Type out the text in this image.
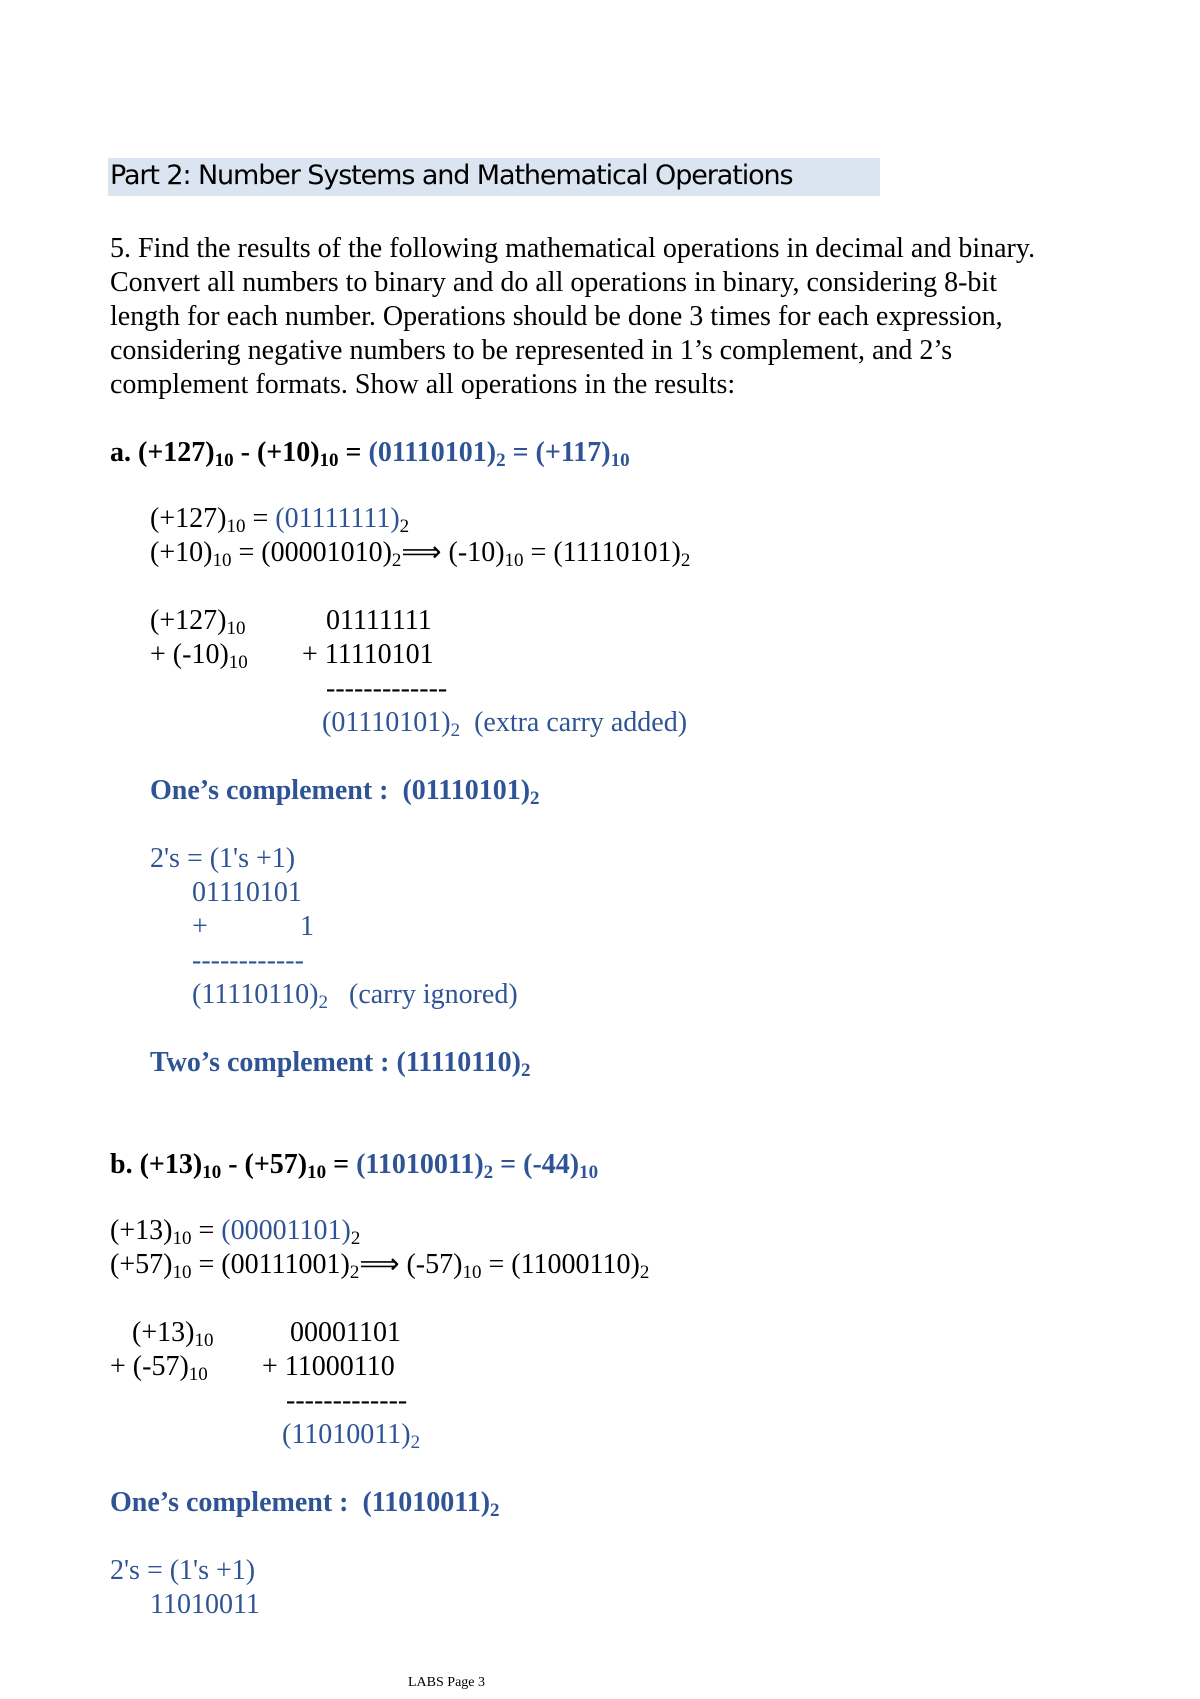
Part 2: Number Systems and Mathematical Operations
5. Find the results of the following mathematical operations in decimal and binary.
Convert all numbers to binary and do all operations in binary, considering 8-bit
length for each number. Operations should be done 3 times for each expression,
considering negative numbers to be represented in 1’s complement, and 2’s
complement formats. Show all operations in the results:
a. $(+127)_{10} - (+10)_{10} = (01110101)_2 = (+117)_{10}$
$(+127)_{10} = (01111111)_2$
$(+10)_{10}$ = $(00001010)_2⟹$ $(-10)_{10} = (11110101)_2$
$(+127)_{10}$	01111111
+ $(-10)_{10} + 11110101$
-------------
$(01110101)_2$ (extra carry added)
One’s complement : $(01110101)_2$
2's = (1's +1)
01110101
+	1
------------
$(11110110)_2$ (carry ignored)
Two’s complement : $(11110110)_2$
b. $(+13)_{10} - (+57)_{10} = (11010011)_2 = (-44)_{10}$
$(+13)_{10} = (00001101)_2$
$(+57)_{10}$ = $(00111001)_2⟹$ $(-57)_{10} = (11000110)_2$
$(+13)_{10}$	00001101
+ $(-57)_{10} + 11000110$
-------------
$(11010011)_2$
One’s complement : $(11010011)_2$
2's = (1's +1)
11010011
LABS Page 3
